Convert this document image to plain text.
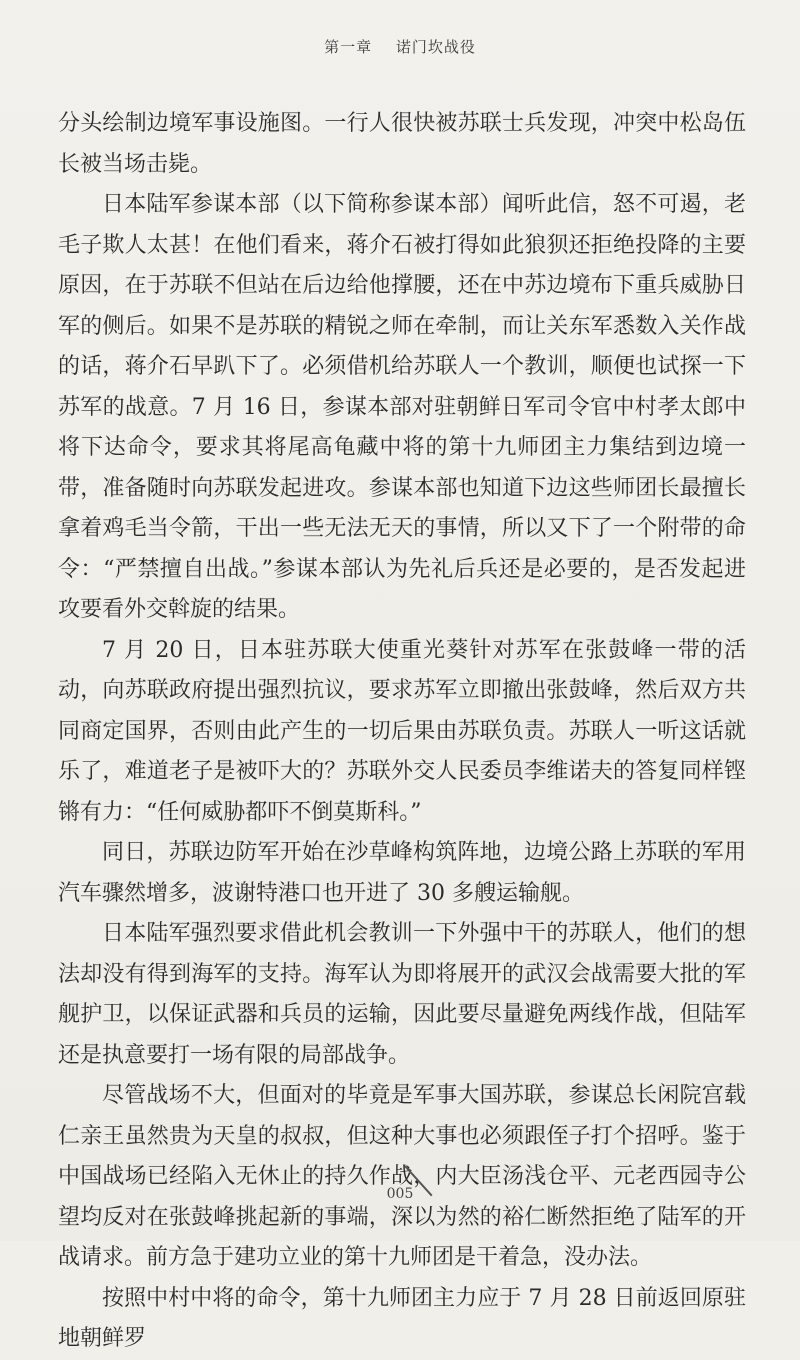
第一章 诺门坎战役

分头绘制边境军事设施图。一行人很快被苏联士兵发现，冲突中松岛伍长被当场击毙。

日本陆军参谋本部（以下简称参谋本部）闻听此信，怒不可遏，老毛子欺人太甚！在他们看来，蒋介石被打得如此狼狈还拒绝投降的主要原因，在于苏联不但站在后边给他撑腰，还在中苏边境布下重兵威胁日军的侧后。如果不是苏联的精锐之师在牵制，而让关东军悉数入关作战的话，蒋介石早趴下了。必须借机给苏联人一个教训，顺便也试探一下苏军的战意。7 月 16 日，参谋本部对驻朝鲜日军司令官中村孝太郎中将下达命令，要求其将尾高龟藏中将的第十九师团主力集结到边境一带，准备随时向苏联发起进攻。参谋本部也知道下边这些师团长最擅长拿着鸡毛当令箭，干出一些无法无天的事情，所以又下了一个附带的命令：“严禁擅自出战。”参谋本部认为先礼后兵还是必要的，是否发起进攻要看外交斡旋的结果。

7 月 20 日，日本驻苏联大使重光葵针对苏军在张鼓峰一带的活动，向苏联政府提出强烈抗议，要求苏军立即撤出张鼓峰，然后双方共同商定国界，否则由此产生的一切后果由苏联负责。苏联人一听这话就乐了，难道老子是被吓大的？苏联外交人民委员李维诺夫的答复同样铿锵有力：“任何威胁都吓不倒莫斯科。”

同日，苏联边防军开始在沙草峰构筑阵地，边境公路上苏联的军用汽车骤然增多，波谢特港口也开进了 30 多艘运输舰。

日本陆军强烈要求借此机会教训一下外强中干的苏联人，他们的想法却没有得到海军的支持。海军认为即将展开的武汉会战需要大批的军舰护卫，以保证武器和兵员的运输，因此要尽量避免两线作战，但陆军还是执意要打一场有限的局部战争。

尽管战场不大，但面对的毕竟是军事大国苏联，参谋总长闲院宫载仁亲王虽然贵为天皇的叔叔，但这种大事也必须跟侄子打个招呼。鉴于中国战场已经陷入无休止的持久作战，内大臣汤浅仓平、元老西园寺公望均反对在张鼓峰挑起新的事端，深以为然的裕仁断然拒绝了陆军的开战请求。前方急于建功立业的第十九师团是干着急，没办法。

按照中村中将的命令，第十九师团主力应于 7 月 28 日前返回原驻地朝鲜罗

005
